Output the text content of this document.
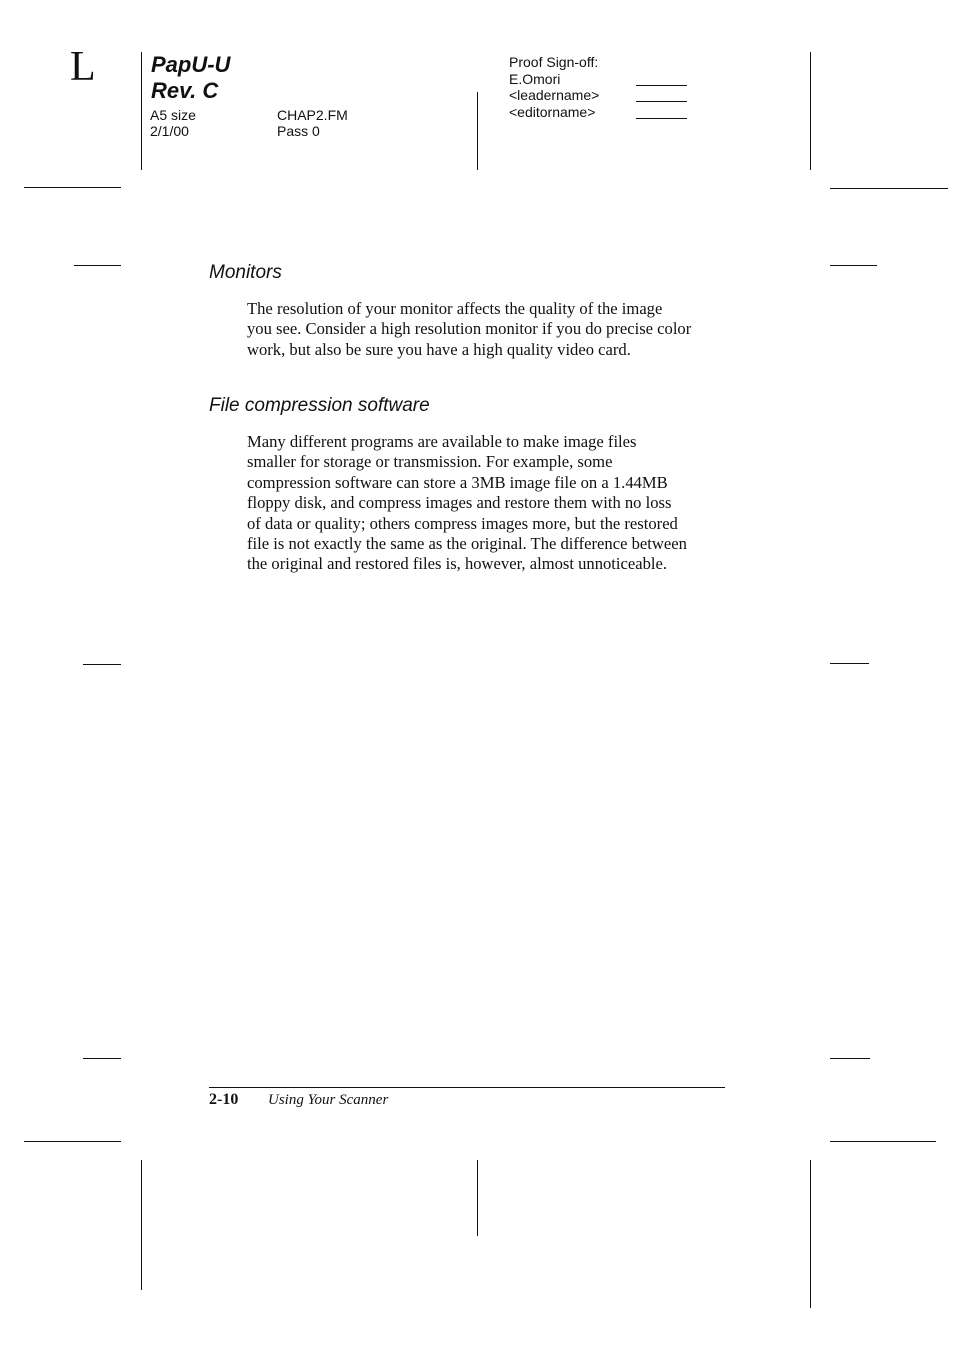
L	PapU-U
Rev. C
A5 size
2/1/00
CHAP2.FM
Pass 0
Proof Sign-off:
E.Omori
<leadername>
<editorname>
Monitors
The resolution of your monitor affects the quality of the image
you see. Consider a high resolution monitor if you do precise color
work, but also be sure you have a high quality video card.
File compression software
Many different programs are available to make image files
smaller for storage or transmission. For example, some
compression software can store a 3MB image file on a 1.44MB
floppy disk, and compress images and restore them with no loss
of data or quality; others compress images more, but the restored
file is not exactly the same as the original. The difference between
the original and restored files is, however, almost unnoticeable.
2-10 Using Your Scanner
